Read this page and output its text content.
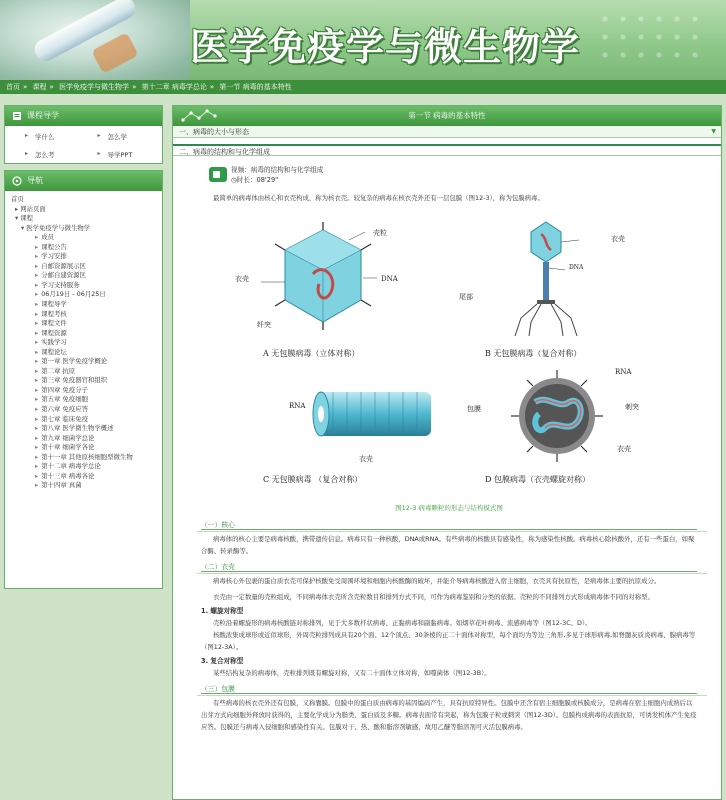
医学免疫学与微生物学
首页 » 课程 » 医学免疫学与微生物学 » 第十二章 病毒学总论 » 第一节 病毒的基本特性
课程导学
▸ 学什么	▸ 怎么学
▸ 怎么考	▸ 导学PPT
导航
首页
▸ 网站页面
▾ 课程
▾ 医学免疫学与微生物学
▸ 成员
▸ 课程公告
▸ 学习安排
▸ 自邮资源展示区
▸ 分邮自建资源区
▸ 学习支持服务
▸ 06月19日 - 06月25日
▸ 课程导学
▸ 课程考核
▸ 课程文件
▸ 课程资源
▸ 实践学习
▸ 课程论坛
▸ 第一章 医学免疫学概论
▸ 第二章 抗原
▸ 第三章 免疫器官和组织
▸ 第四章 免疫分子
▸ 第五章 免疫细胞
▸ 第六章 免疫应答
▸ 第七章 临床免疫
▸ 第八章 医学微生物学概述
▸ 第九章 细菌学总论
▸ 第十章 细菌学各论
▸ 第十一章 其他原核细胞型微生物
▸ 第十二章 病毒学总论
▸ 第十三章 病毒各论
▸ 第十四章 真菌
第一节 病毒的基本特性
一、病毒的大小与形态	▼
二、病毒的结构和与化学组成
视频：病毒的结构和与化学组成
◷时长：08'29"

最简单的病毒体由核心和衣壳构成，称为核衣壳。较复杂的病毒在核衣壳外还有一层包膜（图12-3），称为包膜病毒。

壳粒
衣壳	DNA
纤突
A 无包膜病毒（立体对称）
衣壳
DNA
尾部
B 无包膜病毒（复合对称）
RNA
衣壳
C 无包膜病毒 （复合对称）
RNA
包膜	刺突
衣壳
D 包膜病毒（衣壳螺旋对称）
图12-3 病毒颗粒的形态与结构模式图
（一）核心

病毒体的核心主要是病毒核酸，携带遗传信息。病毒只有一种核酸，DNA或RNA。有些病毒的核酸具有感染性，称为感染性核酸。病毒核心除核酸外，还有一些蛋白，如聚合酶、转录酶等。

（二）衣壳

病毒核心外包裹的蛋白质衣壳可保护核酸免受周围环境和细胞内核酸酶的破坏，并能介导病毒核酸进入宿主细胞，衣壳具有抗原性，是病毒体主要的抗原成分。

衣壳由一定数量的壳粒组成，不同病毒体衣壳所含壳粒数目和排列方式不同，可作为病毒鉴别和分类的依据。壳粒的不同排列方式形成病毒体不同的对称型。

1. 螺旋对称型

壳粒沿着螺旋形的病毒核酸链对称排列，见于大多数杆状病毒、正黏病毒和副黏病毒。如烟草花叶病毒、流感病毒等（图12-3C、D）。

核酸浓集成球形或近似球形，外周壳粒排列成具有20个面、12个顶点、30条棱的正二十面体对称型，每个面均为等边三角形,多见于球形病毒,如脊髓灰质炎病毒、腺病毒等（图12-3A）。

3. 复合对称型

某些结构复杂的病毒体，壳粒排列既有螺旋对称，又有二十面体立体对称，如噬菌体（图12-3B）。

（三）包膜

有些病毒的核衣壳外还有包膜，又称囊膜。包膜中的蛋白质由病毒的基因编码产生，具有抗原特异性。包膜中还含有宿主细胞膜或核膜成分，是病毒在宿主细胞内成熟后以出芽方式向细胞外释放时获得的，主要化学成分为脂类、蛋白质及多糖。病毒表面常有突起，称为包膜子粒或刺突（图12-3D）。包膜构成病毒的表面抗原，可诱发机体产生免疫应答。包膜还与病毒入侵细胞和感染性有关。包膜对干、热、酸和脂溶剂敏感，故用乙醚等脂溶剂可灭活包膜病毒。
